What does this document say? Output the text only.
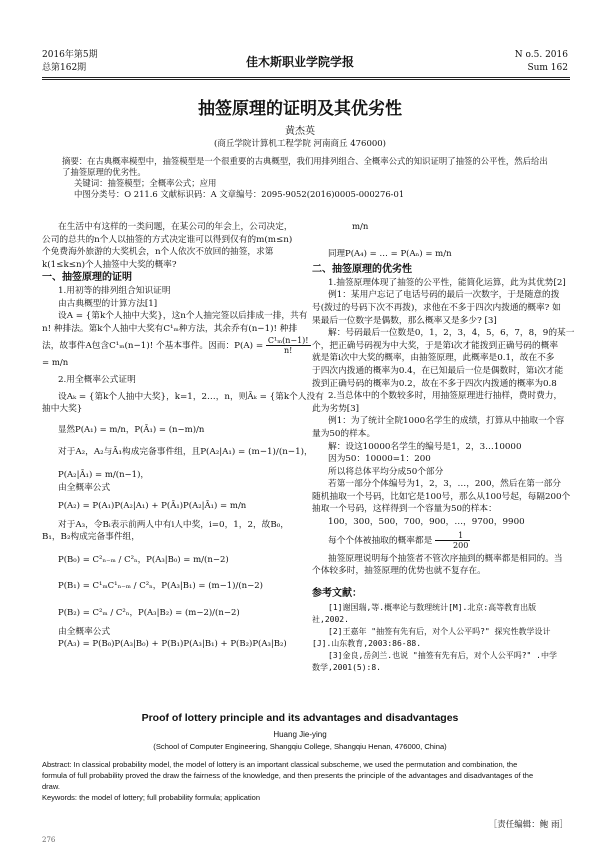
2016年第5期
总第162期	佳木斯职业学院学报	N o.5. 2016
Sum 162
抽签原理的证明及其优劣性
黄杰英
(商丘学院计算机工程学院 河南商丘 476000)
摘要：在古典概率模型中，抽签模型是一个很重要的古典概型，我们用排列组合、全概率公式的知识证明了抽签的公平性，然后给出
了抽签原理的优劣性。
关键词：抽签模型；全概率公式；应用
中图分类号：O 211.6 文献标识码：A 文章编号：2095-9052(2016)0005-000276-01
在生活中有这样的一类问题，在某公司的年会上，公司决定，
公司的总共的n个人以抽签的方式决定谁可以得到仅有的m(m≤n)
个免费海外旅游的大奖机会，n个人依次不放回的抽签，求第
k(1≤k≤n)个人抽签中大奖的概率?
一、抽签原理的证明
1.用初等的排列组合知识证明
由古典概型的计算方法[1]
设A = {第k个人抽中大奖}，这n个人抽完签以后排成一排，共有
n! 种排法。第k个人抽中大奖有C¹ₘ种方法，其余乔有(n−1)! 种排
法，故事件A包含C¹ₘ(n−1)! 个基本事件。因而：$P(A) = \frac{\text{C¹ₘ(n−1)!}}{n!}$
= m/n
2.用全概率公式证明
设Aₖ = {第k个人抽中大奖}，k=1，2…，n，则Āₖ = {第k个人没有
抽中大奖}
显然P(A₁) = m/n，P(Ā₁) = (n−m)/n
对于A₂，A₂与Ā₁构成完备事件组，且P(A₂|A₁) = (m−1)/(n−1)，
P(A₂|Ā₁) = m/(n−1)，
由全概率公式
P(A₂) = P(A₁)P(A₂|A₁) + P(Ā₁)P(A₂|Ā₁) = m/n
对于A₃，令Bᵢ表示前两人中有i人中奖，i=0，1，2，故B₀，
B₁，B₂构成完备事件组，
P(B₀) = C²ₙ₋ₘ / C²ₙ，P(A₃|B₀) = m/(n−2)
P(B₁) = C¹ₘC¹ₙ₋ₘ / C²ₙ，P(A₃|B₁) = (m−1)/(n−2)
P(B₂) = C²ₘ / C²ₙ，P(A₃|B₂) = (m−2)/(n−2)
由全概率公式
P(A₃) = P(B₀)P(A₃|B₀) + P(B₁)P(A₃|B₁) + P(B₂)P(A₃|B₂)
m/n
同理P(A₄) = … = P(Aₙ) = m/n
二、抽签原理的优劣性
1.抽签原理体现了抽签的公平性，能简化运算，此为其优势[2]
例1：某用户忘记了电话号码的最后一次数字，于是随意的拨
号(拨过的号码下次不再拨)，求他在不多于四次内拨通的概率? 如
果最后一位数字是偶数，那么概率又是多少? [3]
解：号码最后一位数是0，1，2，3，4，5，6，7，8，9的某一
个，把正确号码视为中大奖，于是第i次才能拨到正确号码的概率
就是第i次中大奖的概率，由抽签原理，此概率是0.1，故在不多
于四次内拨通的概率为0.4，在已知最后一位是偶数时，第i次才能
拨到正确号码的概率为0.2，故在不多于四次内拨通的概率为0.8
2.当总体中的个数较多时，用抽签原理进行抽样，费时费力，
此为劣势[3]
例1：为了统计全院1000名学生的成绩，打算从中抽取一个容
量为50的样本。
解：设这10000名学生的编号是1，2，3…10000
因为50：10000=1：200
所以将总体平均分成50个部分
若第一部分个体编号为1，2，3，…，200，然后在第一部分
随机抽取一个号码，比如它是100号，那么从100号起，每隔200个
抽取一个号码，这样得到一个容量为50的样本：
100，300，500，700，900，…，9700，9900
每个个体被抽取的概率都是 $\frac{1}{200}$
抽签原理说明每个抽签者不管次序抽到的概率都是相同的。当
个体较多时，抽签原理的优势也就不复存在。
参考文献：
[1]谢国瑞,等.概率论与数理统计[M].北京:高等教育出版
社,2002.
[2]王嘉年 "抽签有先有后，对个人公平吗?" 探究性教学设计
[J].山东教育,2003:86-88.
[3]金良,岳剑兰.也说 "抽签有先有后，对个人公平吗?" .中学
数学,2001(5):8.
Proof of lottery principle and its advantages and disadvantages
Huang Jie-ying
(School of Computer Engineering, Shangqiu College, Shangqiu Henan, 476000, China)
Abstract: In classical probability model, the model of lottery is an important classical subscheme, we used the permutation and combination, the
formula of full probability proved the draw the fairness of the knowledge, and then presents the principle of the advantages and disadvantages of the
draw.
Keywords: the model of lottery; full probability formula; application
［责任编辑：鲍 雨］
276
